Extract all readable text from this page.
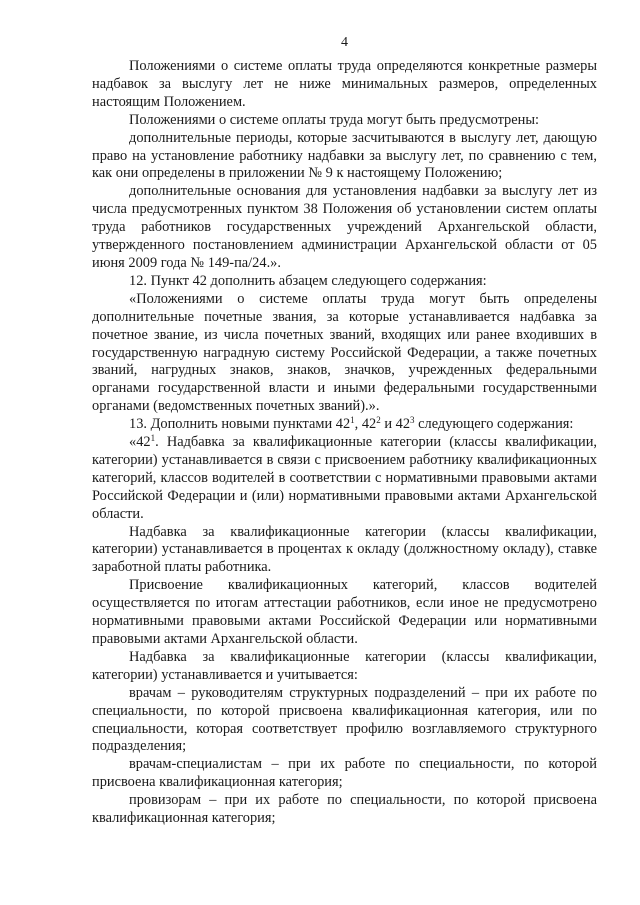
4

Положениями о системе оплаты труда определяются конкретные размеры надбавок за выслугу лет не ниже минимальных размеров, определенных настоящим Положением.

Положениями о системе оплаты труда могут быть предусмотрены:

дополнительные периоды, которые засчитываются в выслугу лет, дающую право на установление работнику надбавки за выслугу лет, по сравнению с тем, как они определены в приложении № 9 к настоящему Положению;

дополнительные основания для установления надбавки за выслугу лет из числа предусмотренных пунктом 38 Положения об установлении систем оплаты труда работников государственных учреждений Архангельской области, утвержденного постановлением администрации Архангельской области от 05 июня 2009 года № 149-па/24.».

12. Пункт 42 дополнить абзацем следующего содержания:

«Положениями о системе оплаты труда могут быть определены дополнительные почетные звания, за которые устанавливается надбавка за почетное звание, из числа почетных званий, входящих или ранее входивших в государственную наградную систему Российской Федерации, а также почетных званий, нагрудных знаков, знаков, значков, учрежденных федеральными органами государственной власти и иными федеральными государственными органами (ведомственных почетных званий).».

13. Дополнить новыми пунктами $42^1$, $42^2$ и $42^3$ следующего содержания:

«$42^1$. Надбавка за квалификационные категории (классы квалификации, категории) устанавливается в связи с присвоением работнику квалификационных категорий, классов водителей в соответствии с нормативными правовыми актами Российской Федерации и (или) нормативными правовыми актами Архангельской области.

Надбавка за квалификационные категории (классы квалификации, категории) устанавливается в процентах к окладу (должностному окладу), ставке заработной платы работника.

Присвоение квалификационных категорий, классов водителей осуществляется по итогам аттестации работников, если иное не предусмотрено нормативными правовыми актами Российской Федерации или нормативными правовыми актами Архангельской области.

Надбавка за квалификационные категории (классы квалификации, категории) устанавливается и учитывается:

врачам – руководителям структурных подразделений – при их работе по специальности, по которой присвоена квалификационная категория, или по специальности, которая соответствует профилю возглавляемого структурного подразделения;

врачам-специалистам – при их работе по специальности, по которой присвоена квалификационная категория;

провизорам – при их работе по специальности, по которой присвоена квалификационная категория;
